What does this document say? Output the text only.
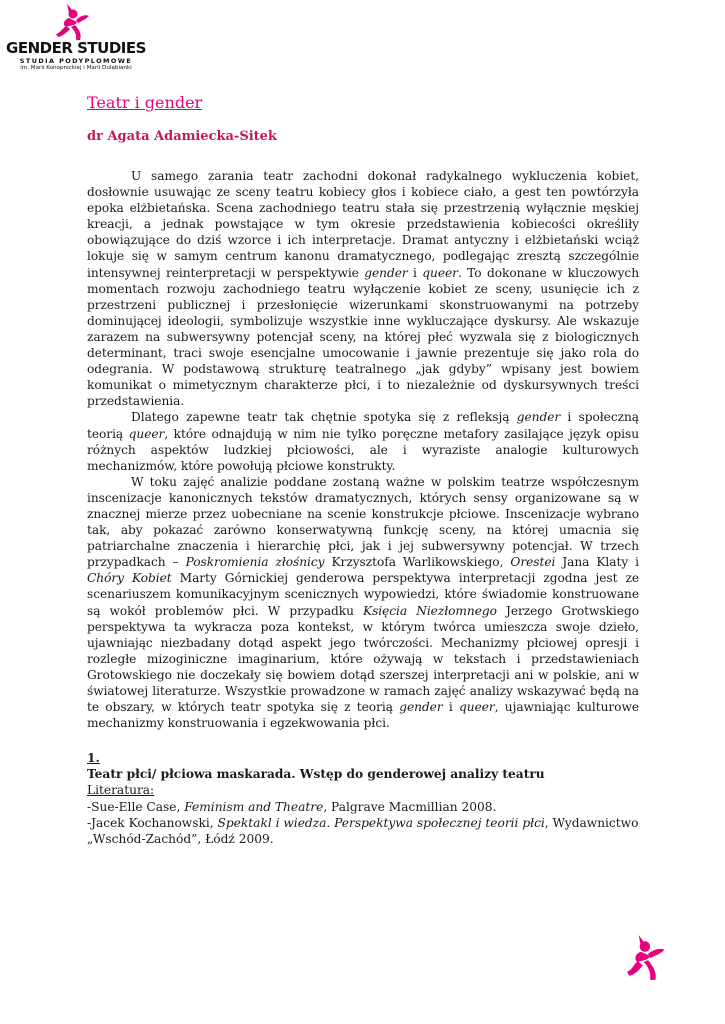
GENDER STUDIES
STUDIA PODYPLOMOWE
im. Marii Konopnickiej i Marii Dulębianki
Teatr i gender
dr Agata Adamiecka-Sitek

U samego zarania teatr zachodni dokonał radykalnego wykluczenia kobiet, dosłownie usuwając ze sceny teatru kobiecy głos i kobiece ciało, a gest ten powtórzyła epoka elżbietańska. Scena zachodniego teatru stała się przestrzenią wyłącznie męskiej kreacji, a jednak powstające w tym okresie przedstawienia kobiecości określiły obowiązujące do dziś wzorce i ich interpretacje. Dramat antyczny i elżbietański wciąż lokuje się w samym centrum kanonu dramatycznego, podlegając zresztą szczególnie intensywnej reinterpretacji w perspektywie gender i queer. To dokonane w kluczowych momentach rozwoju zachodniego teatru wyłączenie kobiet ze sceny, usunięcie ich z przestrzeni publicznej i przesłonięcie wizerunkami skonstruowanymi na potrzeby dominującej ideologii, symbolizuje wszystkie inne wykluczające dyskursy. Ale wskazuje zarazem na subwersywny potencjał sceny, na której płeć wyzwala się z biologicznych determinant, traci swoje esencjalne umocowanie i jawnie prezentuje się jako rola do odegrania. W podstawową strukturę teatralnego „jak gdyby” wpisany jest bowiem komunikat o mimetycznym charakterze płci, i to niezależnie od dyskursywnych treści przedstawienia.

Dlatego zapewne teatr tak chętnie spotyka się z refleksją gender i społeczną teorią queer, które odnajdują w nim nie tylko poręczne metafory zasilające język opisu różnych aspektów ludzkiej płciowości, ale i wyraziste analogie kulturowych mechanizmów, które powołują płciowe konstrukty.

W toku zajęć analizie poddane zostaną ważne w polskim teatrze współczesnym inscenizacje kanonicznych tekstów dramatycznych, których sensy organizowane są w znacznej mierze przez uobecniane na scenie konstrukcje płciowe. Inscenizacje wybrano tak, aby pokazać zarówno konserwatywną funkcję sceny, na której umacnia się patriarchalne znaczenia i hierarchię płci, jak i jej subwersywny potencjał. W trzech przypadkach – Poskromienia złośnicy Krzysztofa Warlikowskiego, Orestei Jana Klaty i Chóry Kobiet Marty Górnickiej genderowa perspektywa interpretacji zgodna jest ze scenariuszem komunikacyjnym scenicznych wypowiedzi, które świadomie konstruowane są wokół problemów płci. W przypadku Księcia Niezłomnego Jerzego Grotwskiego perspektywa ta wykracza poza kontekst, w którym twórca umieszcza swoje dzieło, ujawniając niezbadany dotąd aspekt jego twórczości. Mechanizmy płciowej opresji i rozległe mizoginiczne imaginarium, które ożywają w tekstach i przedstawieniach Grotowskiego nie doczekały się bowiem dotąd szerszej interpretacji ani w polskie, ani w światowej literaturze. Wszystkie prowadzone w ramach zajęć analizy wskazywać będą na te obszary, w których teatr spotyka się z teorią gender i queer, ujawniając kulturowe mechanizmy konstruowania i egzekwowania płci.

1.

Teatr płci/ płciowa maskarada. Wstęp do genderowej analizy teatru

Literatura:

-Sue-Elle Case, Feminism and Theatre, Palgrave Macmillian 2008.

-Jacek Kochanowski, Spektakl i wiedza. Perspektywa społecznej teorii płci, Wydawnictwo „Wschód-Zachód”, Łódź 2009.
